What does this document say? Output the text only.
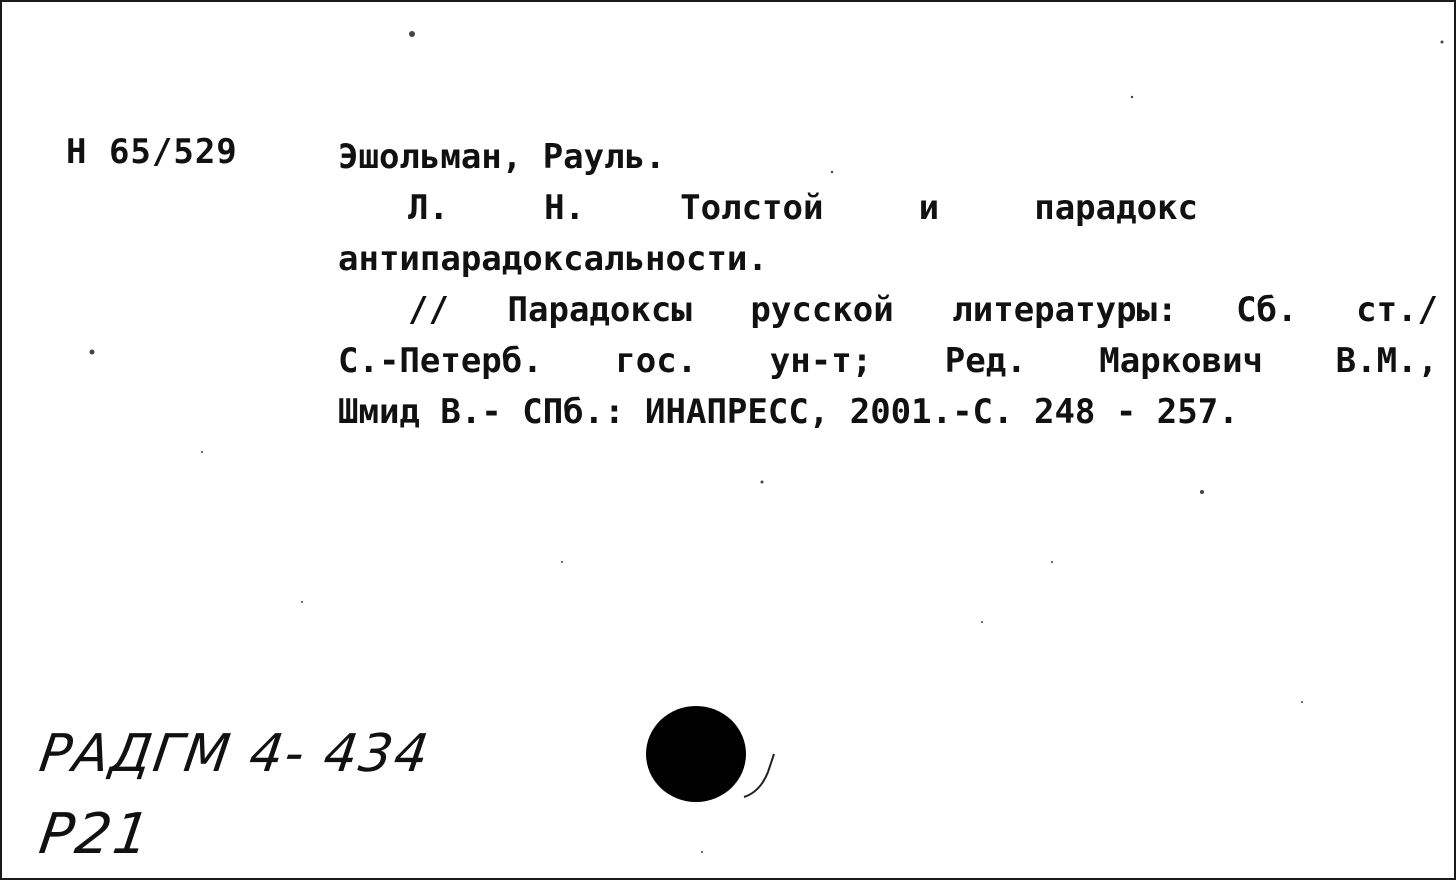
Н 65/529	Эшольман, Рауль.
Л. Н. Толстой и парадокс
антипарадоксальности.
// Парадоксы русской литературы: Сб. ст./
С.-Петерб. гос. ун-т; Ред. Маркович В.М.,
Шмид В.- СПб.: ИНАПРЕСС, 2001.-С. 248 - 257.
РАДГМ 4- 434
Р21
